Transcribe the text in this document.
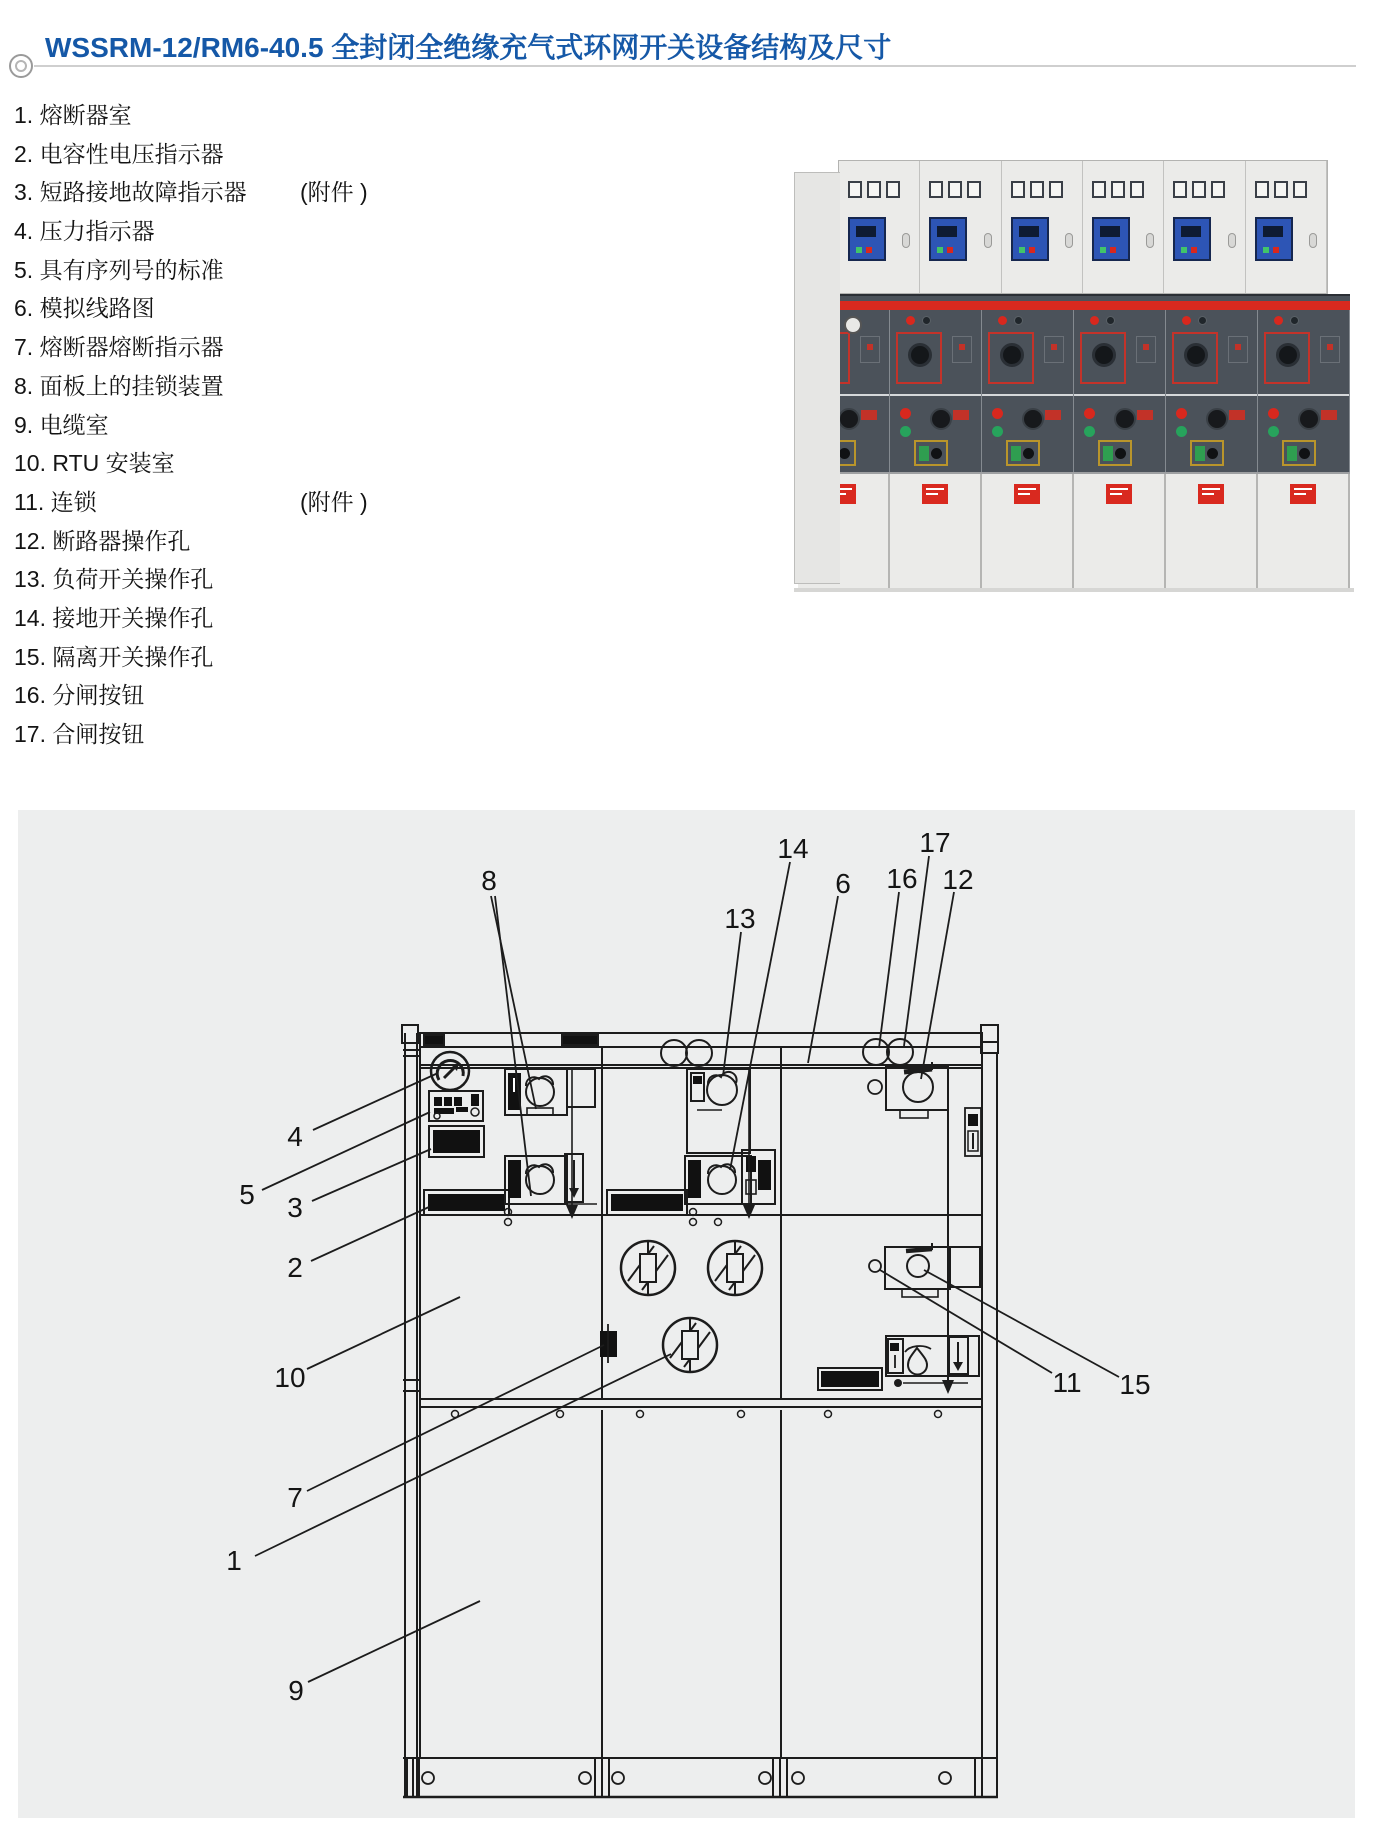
WSSRM-12/RM6-40.5 全封闭全绝缘充气式环网开关设备结构及尺寸
1. 熔断器室
2. 电容性电压指示器
3. 短路接地故障指示器 (附件 )
4. 压力指示器
5. 具有序列号的标准
6. 模拟线路图
7. 熔断器熔断指示器
8. 面板上的挂锁装置
9. 电缆室
10. RTU 安装室
11. 连锁	(附件 )
12. 断路器操作孔
13. 负荷开关操作孔
14. 接地开关操作孔
15. 隔离开关操作孔
16. 分闸按钮
17. 合闸按钮
1
2
3
4
5
6
7
8
9
10	11
12
13
14
15
16
17
